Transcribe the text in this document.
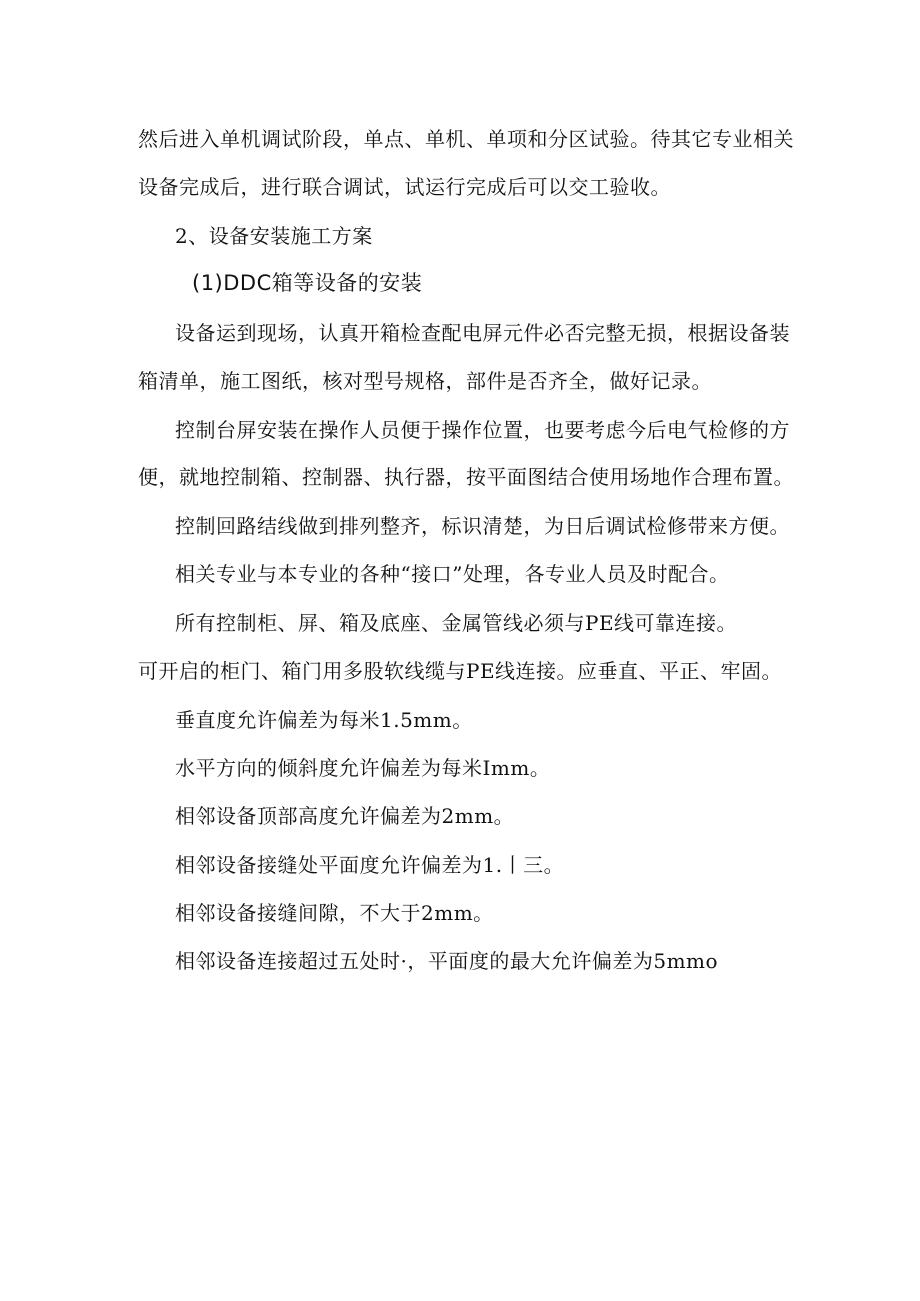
然后进入单机调试阶段，单点、单机、单项和分区试验。待其它专业相关
设备完成后，进行联合调试，试运行完成后可以交工验收。
2、设备安装施工方案
(1)DDC箱等设备的安装
设备运到现场，认真开箱检查配电屏元件必否完整无损，根据设备装
箱清单，施工图纸，核对型号规格，部件是否齐全，做好记录。
控制台屏安装在操作人员便于操作位置，也要考虑今后电气检修的方
便，就地控制箱、控制器、执行器，按平面图结合使用场地作合理布置。
控制回路结线做到排列整齐，标识清楚，为日后调试检修带来方便。
相关专业与本专业的各种“接口”处理，各专业人员及时配合。
所有控制柜、屏、箱及底座、金属管线必须与PE线可靠连接。
可开启的柜门、箱门用多股软线缆与PE线连接。应垂直、平正、牢固。
垂直度允许偏差为每米1.5mm。
水平方向的倾斜度允许偏差为每米Imm。
相邻设备顶部高度允许偏差为2mm。
相邻设备接缝处平面度允许偏差为1.丨三。
相邻设备接缝间隙，不大于2mm。
相邻设备连接超过五处时·，平面度的最大允许偏差为5mmo
